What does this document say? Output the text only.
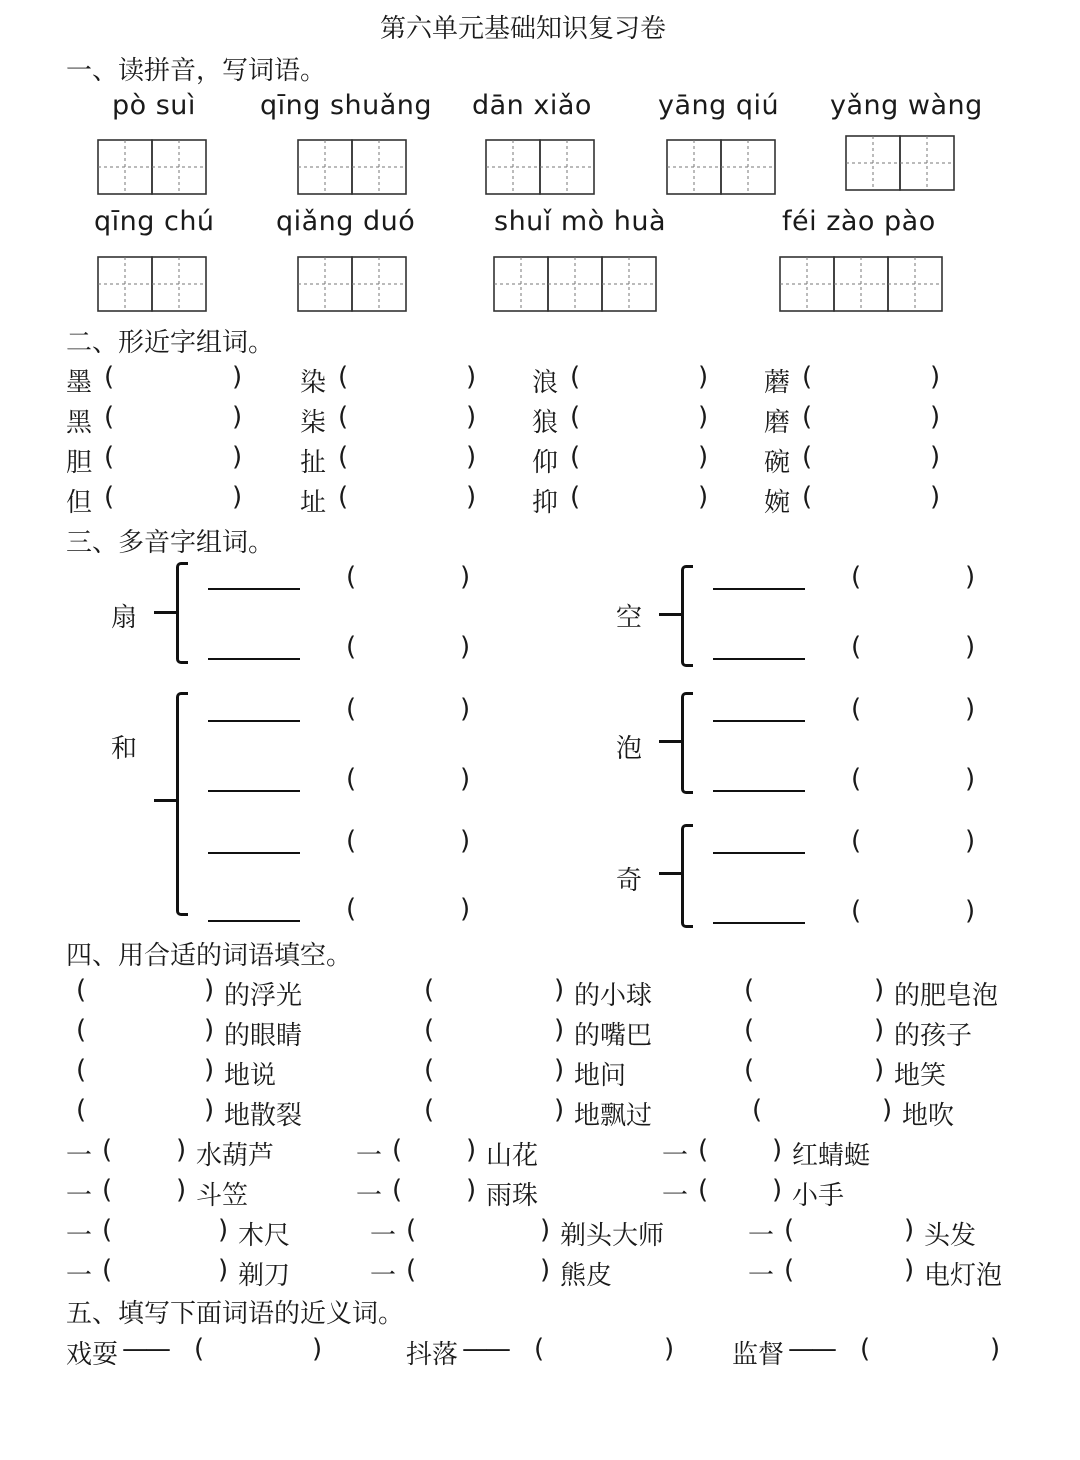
第六单元基础知识复习卷
一、读拼音，写词语。
pò suì qīng shuǎng dān xiǎo yāng qiú yǎng wàng
qīng chú qiǎng duó	shuǐ mò huà	féi zào pào
二、形近字组词。
墨 (	) 染 (	) 浪 (	) 蘑 (	)
黑 (	) 柒 (	) 狼 (	) 磨 (	)
胆 (	) 扯 (	) 仰 (	) 碗 (	)
但 (	) 址 (	) 抑 (	) 婉 (	)
三、多音字组词。
扇	空
和	泡
奇
(	)
(	)
(	)
(	)
(	)
(	)
(	)
(	)
(	)
(	)
(	)
(	)
四、用合适的词语填空。
(	) 的浮光	(	) 的小球	(	) 的肥皂泡
(	) 的眼睛	(	) 的嘴巴	(	) 的孩子
(	) 地说	(	) 地问	(	) 地笑
(	) 地散裂	(	) 地飘过	(	) 地吹
一 ( ) 水葫芦	一 ( ) 山花	一 ( ) 红蜻蜓
一 ( ) 斗笠	一 ( ) 雨珠	一 ( ) 小手
一 (	) 木尺	一 (	) 剃头大师	一 (	) 头发
一 (	) 剃刀	一 (	) 熊皮	一 (	) 电灯泡
五、填写下面词语的近义词。
戏耍 —— (	)	抖落 —— (	) 监督 —— (	)
